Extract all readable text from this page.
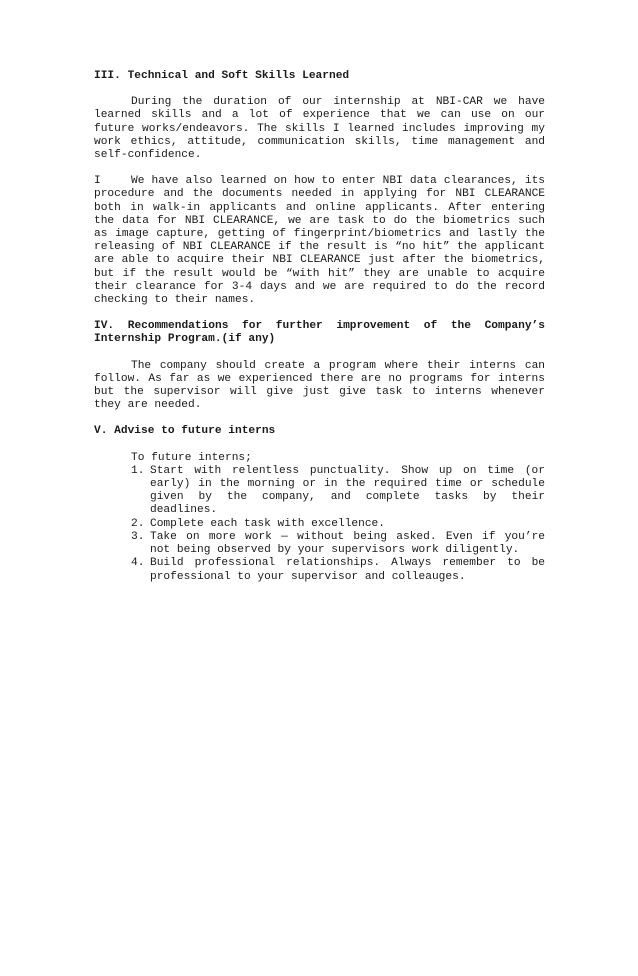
III. Technical and Soft Skills Learned

During the duration of our internship at NBI-CAR we have learned skills and a lot of experience that we can use on our future works/endeavors. The skills I learned includes improving my work ethics, attitude, communication skills, time management and self-confidence.

I	We have also learned on how to enter NBI data clearances, its procedure and the documents needed in applying for NBI CLEARANCE both in walk-in applicants and online applicants. After entering the data for NBI CLEARANCE, we are task to do the biometrics such as image capture, getting of fingerprint/biometrics and lastly the releasing of NBI CLEARANCE if the result is “no hit” the applicant are able to acquire their NBI CLEARANCE just after the biometrics, but if the result would be “with hit” they are unable to acquire their clearance for 3-4 days and we are required to do the record checking to their names.

IV. Recommendations for further improvement of the Company’s Internship Program.(if any)

The company should create a program where their interns can follow. As far as we experienced there are no programs for interns but the supervisor will give just give task to interns whenever they are needed.

V. Advise to future interns

To future interns;

1. Start with relentless punctuality. Show up on time (or early) in the morning or in the required time or schedule given by the company, and complete tasks by their deadlines.
2. Complete each task with excellence.
3. Take on more work — without being asked. Even if you’re not being observed by your supervisors work diligently.
4. Build professional relationships. Always remember to be professional to your supervisor and colleauges.
